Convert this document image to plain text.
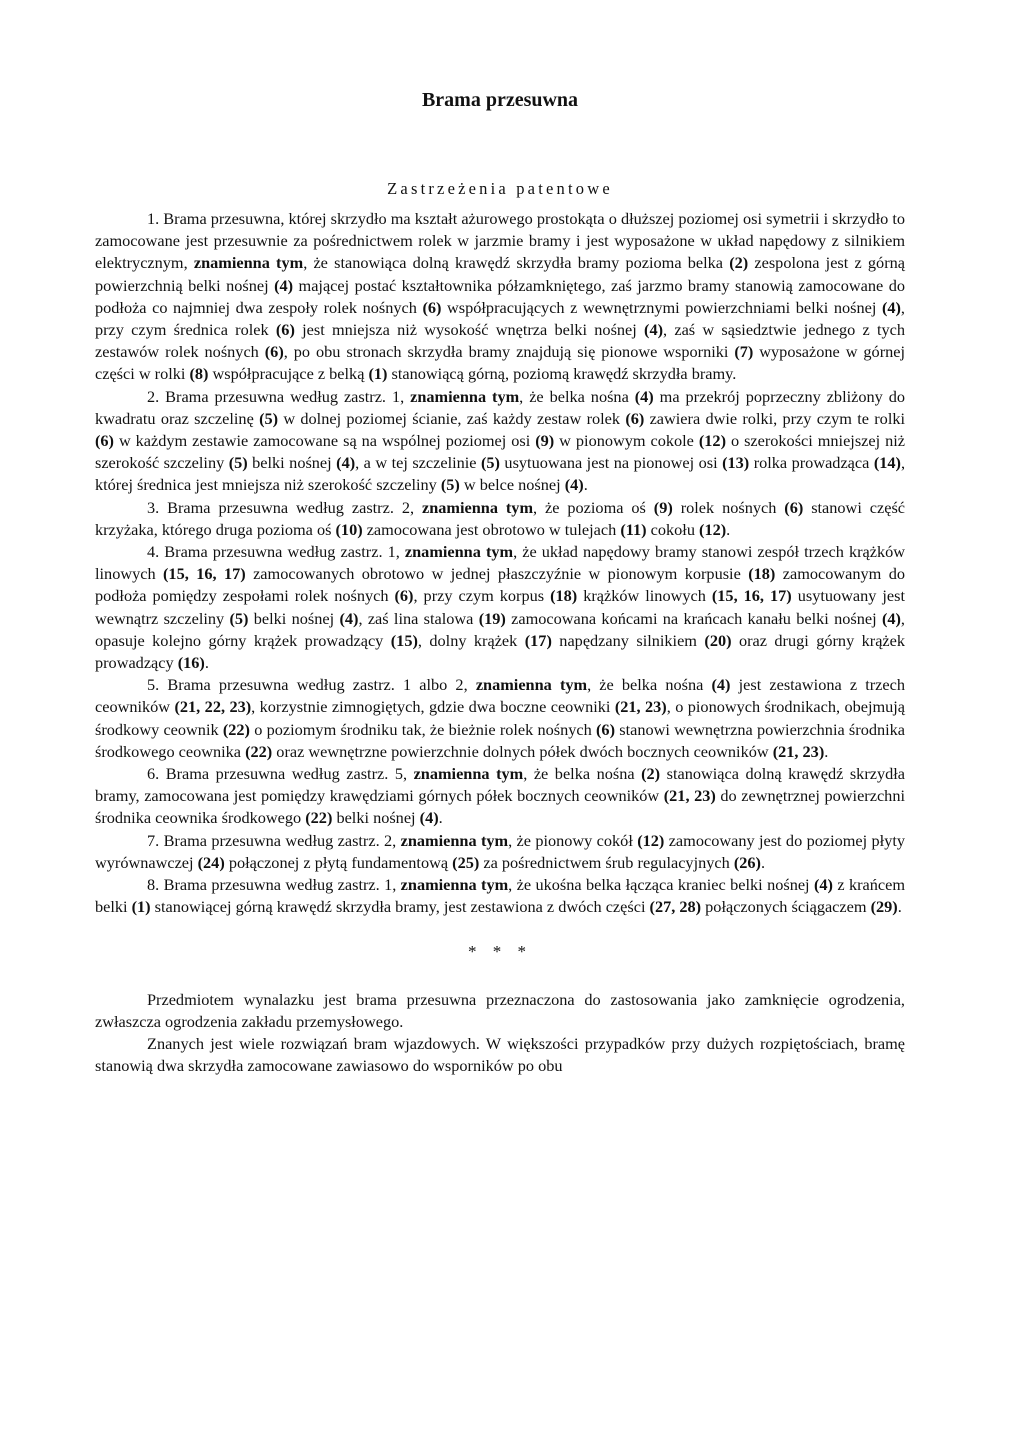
Brama przesuwna
Zastrzeżenia patentowe

1. Brama przesuwna, której skrzydło ma kształt ażurowego prostokąta o dłuższej poziomej osi symetrii i skrzydło to zamocowane jest przesuwnie za pośrednictwem rolek w jarzmie bramy i jest wyposażone w układ napędowy z silnikiem elektrycznym, znamienna tym, że stanowiąca dolną krawędź skrzydła bramy pozioma belka (2) zespolona jest z górną powierzchnią belki nośnej (4) mającej postać kształtownika półzamkniętego, zaś jarzmo bramy stanowią zamocowane do podłoża co najmniej dwa zespoły rolek nośnych (6) współpracujących z wewnętrznymi powierzchniami belki nośnej (4), przy czym średnica rolek (6) jest mniejsza niż wysokość wnętrza belki nośnej (4), zaś w sąsiedztwie jednego z tych zestawów rolek nośnych (6), po obu stronach skrzydła bramy znajdują się pionowe wsporniki (7) wyposażone w górnej części w rolki (8) współpracujące z belką (1) stanowiącą górną, poziomą krawędź skrzydła bramy.

2. Brama przesuwna według zastrz. 1, znamienna tym, że belka nośna (4) ma przekrój poprzeczny zbliżony do kwadratu oraz szczelinę (5) w dolnej poziomej ścianie, zaś każdy zestaw rolek (6) zawiera dwie rolki, przy czym te rolki (6) w każdym zestawie zamocowane są na wspólnej poziomej osi (9) w pionowym cokole (12) o szerokości mniejszej niż szerokość szczeliny (5) belki nośnej (4), a w tej szczelinie (5) usytuowana jest na pionowej osi (13) rolka prowadząca (14), której średnica jest mniejsza niż szerokość szczeliny (5) w belce nośnej (4).

3. Brama przesuwna według zastrz. 2, znamienna tym, że pozioma oś (9) rolek nośnych (6) stanowi część krzyżaka, którego druga pozioma oś (10) zamocowana jest obrotowo w tulejach (11) cokołu (12).

4. Brama przesuwna według zastrz. 1, znamienna tym, że układ napędowy bramy stanowi zespół trzech krążków linowych (15, 16, 17) zamocowanych obrotowo w jednej płaszczyźnie w pionowym korpusie (18) zamocowanym do podłoża pomiędzy zespołami rolek nośnych (6), przy czym korpus (18) krążków linowych (15, 16, 17) usytuowany jest wewnątrz szczeliny (5) belki nośnej (4), zaś lina stalowa (19) zamocowana końcami na krańcach kanału belki nośnej (4), opasuje kolejno górny krążek prowadzący (15), dolny krążek (17) napędzany silnikiem (20) oraz drugi górny krążek prowadzący (16).

5. Brama przesuwna według zastrz. 1 albo 2, znamienna tym, że belka nośna (4) jest zestawiona z trzech ceowników (21, 22, 23), korzystnie zimnogiętych, gdzie dwa boczne ceowniki (21, 23), o pionowych środnikach, obejmują środkowy ceownik (22) o poziomym środniku tak, że bieżnie rolek nośnych (6) stanowi wewnętrzna powierzchnia środnika środkowego ceownika (22) oraz wewnętrzne powierzchnie dolnych półek dwóch bocznych ceowników (21, 23).

6. Brama przesuwna według zastrz. 5, znamienna tym, że belka nośna (2) stanowiąca dolną krawędź skrzydła bramy, zamocowana jest pomiędzy krawędziami górnych półek bocznych ceowników (21, 23) do zewnętrznej powierzchni środnika ceownika środkowego (22) belki nośnej (4).

7. Brama przesuwna według zastrz. 2, znamienna tym, że pionowy cokół (12) zamocowany jest do poziomej płyty wyrównawczej (24) połączonej z płytą fundamentową (25) za pośrednictwem śrub regulacyjnych (26).

8. Brama przesuwna według zastrz. 1, znamienna tym, że ukośna belka łącząca kraniec belki nośnej (4) z krańcem belki (1) stanowiącej górną krawędź skrzydła bramy, jest zestawiona z dwóch części (27, 28) połączonych ściągaczem (29).

* * *

Przedmiotem wynalazku jest brama przesuwna przeznaczona do zastosowania jako zamknięcie ogrodzenia, zwłaszcza ogrodzenia zakładu przemysłowego.

Znanych jest wiele rozwiązań bram wjazdowych. W większości przypadków przy dużych rozpiętościach, bramę stanowią dwa skrzydła zamocowane zawiasowo do wsporników po obu
